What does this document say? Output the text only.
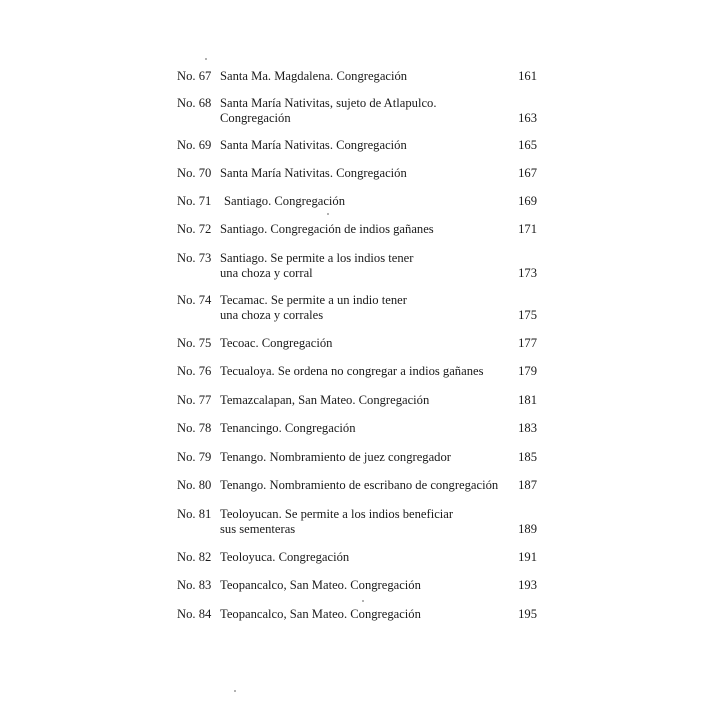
No. 67 Santa Ma. Magdalena. Congregación	161
No. 68 Santa María Nativitas, sujeto de Atlapulco.
Congregación	163
No. 69 Santa María Nativitas. Congregación	165
No. 70 Santa María Nativitas. Congregación	167
No. 71 Santiago. Congregación	169
No. 72 Santiago. Congregación de indios gañanes	171
No. 73 Santiago. Se permite a los indios tener
una choza y corral	173
No. 74 Tecamac. Se permite a un indio tener
una choza y corrales	175
No. 75 Tecoac. Congregación	177
No. 76 Tecualoya. Se ordena no congregar a indios gañanes	179
No. 77 Temazcalapan, San Mateo. Congregación	181
No. 78 Tenancingo. Congregación	183
No. 79 Tenango. Nombramiento de juez congregador	185
No. 80 Tenango. Nombramiento de escribano de congregación	187
No. 81 Teoloyucan. Se permite a los indios beneficiar
sus sementeras	189
No. 82 Teoloyuca. Congregación	191
No. 83 Teopancalco, San Mateo. Congregación	193
No. 84 Teopancalco, San Mateo. Congregación	195
